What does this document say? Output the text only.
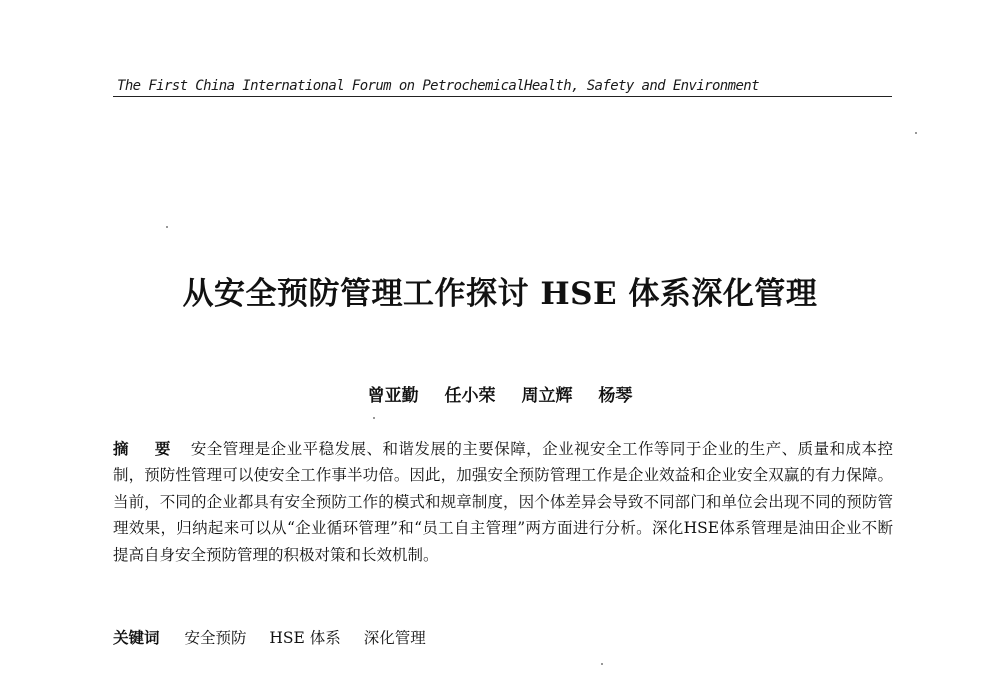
The First China International Forum on PetrochemicalHealth, Safety and Environment
从安全预防管理工作探讨 HSE 体系深化管理
曾亚勤 任小荣 周立辉 杨琴
摘 要 安全管理是企业平稳发展、和谐发展的主要保障，企业视安全工作等同于企业的生产、质量和成本控制，预防性管理可以使安全工作事半功倍。因此，加强安全预防管理工作是企业效益和企业安全双赢的有力保障。当前，不同的企业都具有安全预防工作的模式和规章制度，因个体差异会导致不同部门和单位会出现不同的预防管理效果，归纳起来可以从“企业循环管理”和“员工自主管理”两方面进行分析。深化HSE体系管理是油田企业不断提高自身安全预防管理的积极对策和长效机制。
关键词 安全预防 HSE 体系 深化管理
